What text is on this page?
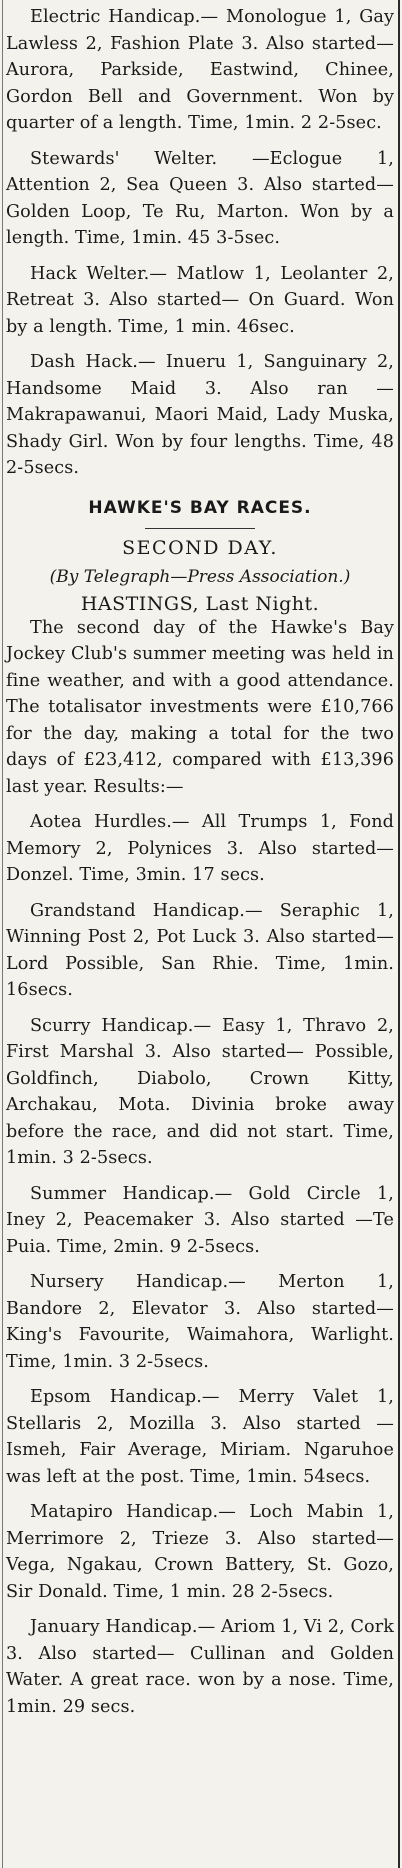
Electric Handicap.— Monologue 1, Gay Lawless 2, Fashion Plate 3. Also started— Aurora, Parkside, Eastwind, Chinee, Gordon Bell and Government. Won by quarter of a length. Time, 1min. 2 2-5sec.

Stewards' Welter. —Eclogue 1, Attention 2, Sea Queen 3. Also started— Golden Loop, Te Ru, Marton. Won by a length. Time, 1min. 45 3-5sec.

Hack Welter.— Matlow 1, Leolanter 2, Retreat 3. Also started— On Guard. Won by a length. Time, 1 min. 46sec.

Dash Hack.— Inueru 1, Sanguinary 2, Handsome Maid 3. Also ran —Makrapawanui, Maori Maid, Lady Muska, Shady Girl. Won by four lengths. Time, 48 2-5secs.

HAWKE'S BAY RACES.
SECOND DAY.
(By Telegraph—Press Association.)
HASTINGS, Last Night.

The second day of the Hawke's Bay Jockey Club's summer meeting was held in fine weather, and with a good attendance. The totalisator investments were £10,766 for the day, making a total for the two days of £23,412, compared with £13,396 last year. Results:—

Aotea Hurdles.— All Trumps 1, Fond Memory 2, Polynices 3. Also started— Donzel. Time, 3min. 17 secs.

Grandstand Handicap.— Seraphic 1, Winning Post 2, Pot Luck 3. Also started— Lord Possible, San Rhie. Time, 1min. 16secs.

Scurry Handicap.— Easy 1, Thravo 2, First Marshal 3. Also started— Possible, Goldfinch, Diabolo, Crown Kitty, Archakau, Mota. Divinia broke away before the race, and did not start. Time, 1min. 3 2-5secs.

Summer Handicap.— Gold Circle 1, Iney 2, Peacemaker 3. Also started —Te Puia. Time, 2min. 9 2-5secs.

Nursery Handicap.— Merton 1, Bandore 2, Elevator 3. Also started— King's Favourite, Waimahora, Warlight. Time, 1min. 3 2-5secs.

Epsom Handicap.— Merry Valet 1, Stellaris 2, Mozilla 3. Also started —Ismeh, Fair Average, Miriam. Ngaruhoe was left at the post. Time, 1min. 54secs.

Matapiro Handicap.— Loch Mabin 1, Merrimore 2, Trieze 3. Also started— Vega, Ngakau, Crown Battery, St. Gozo, Sir Donald. Time, 1 min. 28 2-5secs.

January Handicap.— Ariom 1, Vi 2, Cork 3. Also started— Cullinan and Golden Water. A great race. won by a nose. Time, 1min. 29 secs.
